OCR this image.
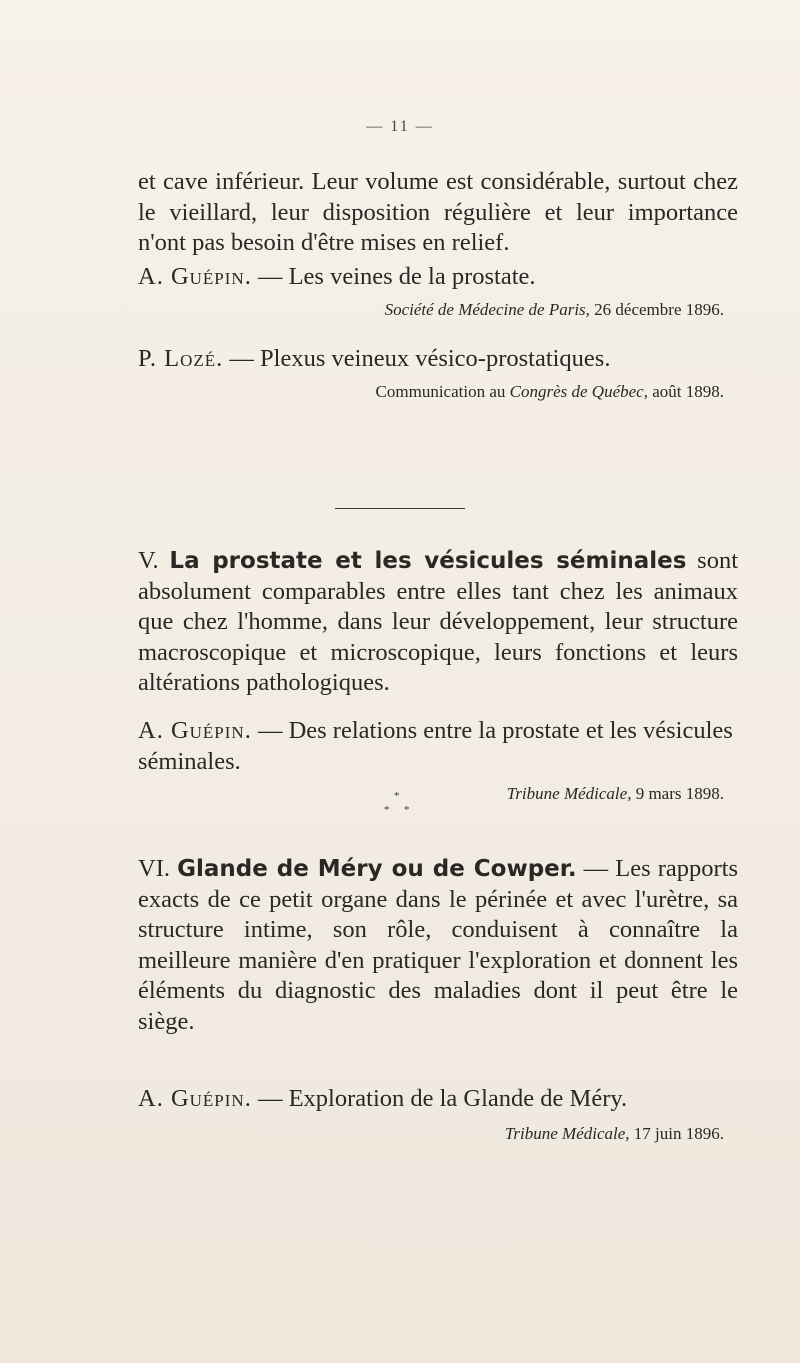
— 11 —

et cave inférieur. Leur volume est considérable, surtout chez le vieillard, leur disposition régulière et leur importance n'ont pas besoin d'être mises en relief.

A. Guépin. — Les veines de la prostate.

Société de Médecine de Paris, 26 décembre 1896.

P. Lozé. — Plexus veineux vésico-prostatiques.

Communication au Congrès de Québec, août 1898.

V. La prostate et les vésicules séminales sont absolument comparables entre elles tant chez les animaux que chez l'homme, dans leur développement, leur structure macroscopique et microscopique, leurs fonctions et leurs altérations pathologiques.

A. Guépin. — Des relations entre la prostate et les vésicules séminales.

Tribune Médicale, 9 mars 1898.

*
* *

VI. Glande de Méry ou de Cowper. — Les rapports exacts de ce petit organe dans le périnée et avec l'urètre, sa structure intime, son rôle, conduisent à connaître la meilleure manière d'en pratiquer l'exploration et donnent les éléments du diagnostic des maladies dont il peut être le siège.

A. Guépin. — Exploration de la Glande de Méry.

Tribune Médicale, 17 juin 1896.
